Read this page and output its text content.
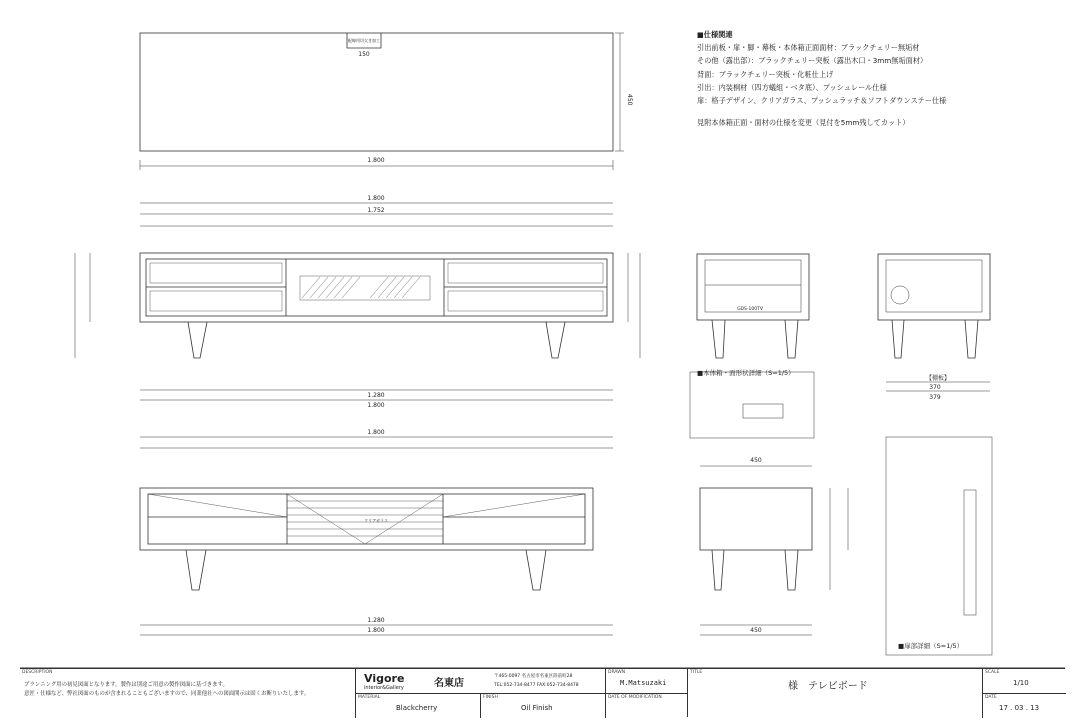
1.800
150
配線用切欠き加工
450
1.800
1.752
1.280
1.800
1.800
クリアガラス
1.280
1.800
450
450
【棚板】
370
379
GDS-100TV
■仕様関連
引出前板・扉・脚・幕板・本体箱正面面材：ブラックチェリー無垢材
その他（露出部）：ブラックチェリー突板（露出木口・3mm無垢面材）
背面：ブラックチェリー突板・化粧仕上げ
引出：内装桐材（四方蟻組・ベタ底）、プッシュレール仕様
扉：格子デザイン、クリアガラス、プッシュラッチ＆ソフトダウンステー仕様
見附本体箱正面・面材の仕様を変更（見付を5mm残してカット）
■本体箱・面形状詳細（S=1/5）
■扉部詳細（S=1/5）
DESCRIPTION
プランニング用の初見図面となります。製作は別途ご用意の製作図面に基づきます。
意匠・仕様など、弊社図面のものが含まれることもございますので、同業他社への図面開示は固くお断りいたします。
Vigore
interior&Gallery	名東店
〒465-0097 名古屋市名東区陸前町28
TEL:052-734-8477 FAX:052-734-8478
DRAWN
M.Matsuzaki
TITLE
様　テレビボード
SCALE
1/10
MATERIAL
Blackcherry
FINISH
Oil Finish
DATE OF MODIFICATION	DATE
17 . 03 . 13
